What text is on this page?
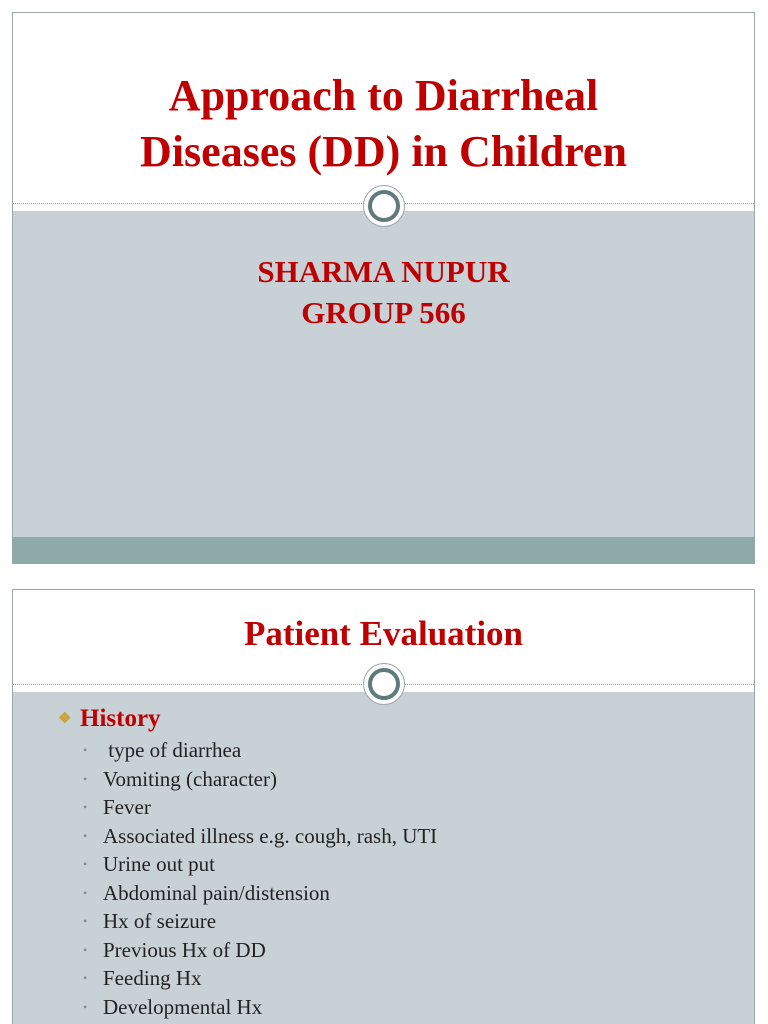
Approach to Diarrheal
Diseases (DD) in Children
SHARMA NUPUR
GROUP 566
Patient Evaluation
❖ History
• type of diarrhea
• Vomiting (character)
• Fever
• Associated illness e.g. cough, rash, UTI
• Urine out put
• Abdominal pain/distension
• Hx of seizure
• Previous Hx of DD
• Feeding Hx
• Developmental Hx
